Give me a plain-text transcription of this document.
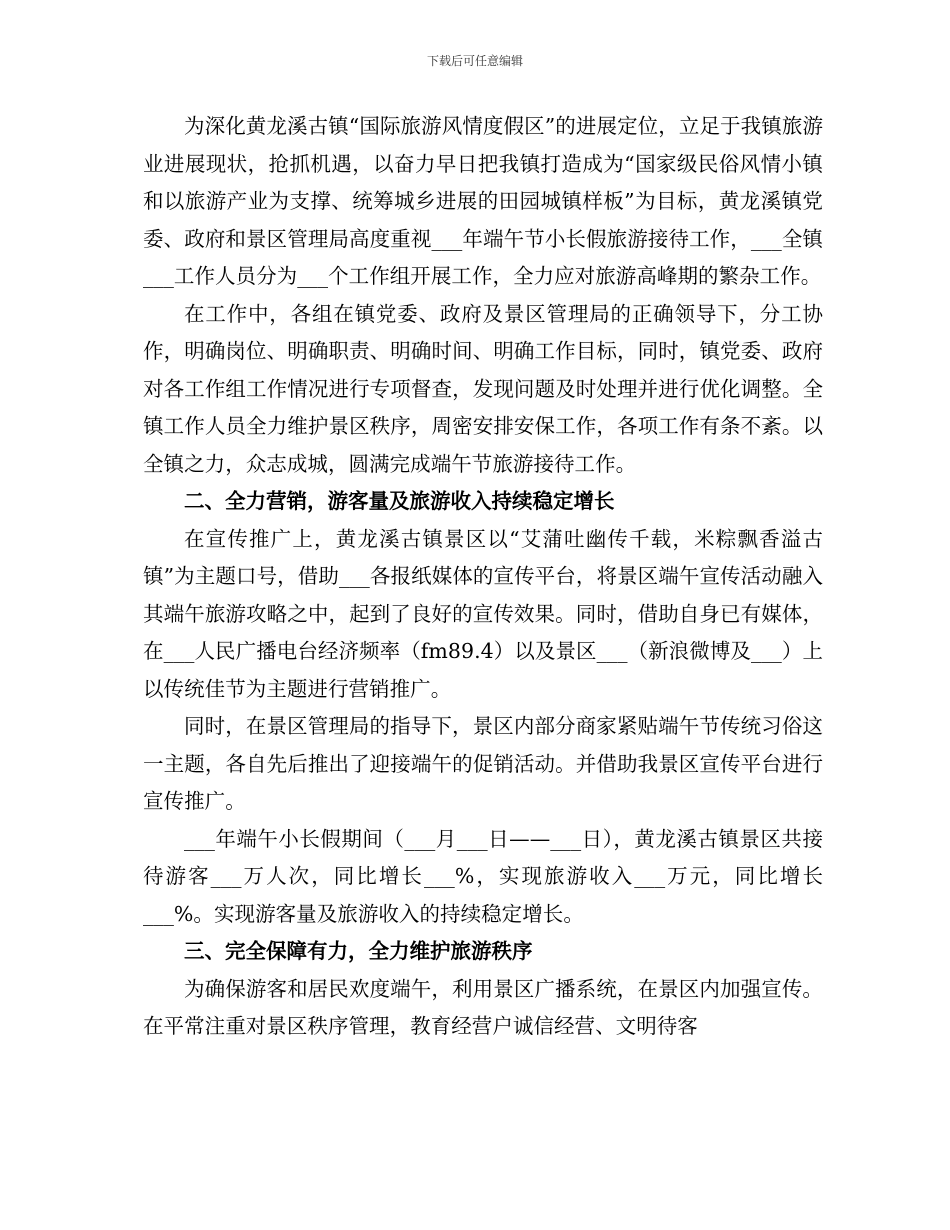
下载后可任意编辑

为深化黄龙溪古镇“国际旅游风情度假区”的进展定位，立足于我镇旅游业进展现状，抢抓机遇，以奋力早日把我镇打造成为“国家级民俗风情小镇和以旅游产业为支撑、统筹城乡进展的田园城镇样板”为目标，黄龙溪镇党委、政府和景区管理局高度重视___年端午节小长假旅游接待工作，___全镇___工作人员分为___个工作组开展工作，全力应对旅游高峰期的繁杂工作。

在工作中，各组在镇党委、政府及景区管理局的正确领导下，分工协作，明确岗位、明确职责、明确时间、明确工作目标，同时，镇党委、政府对各工作组工作情况进行专项督查，发现问题及时处理并进行优化调整。全镇工作人员全力维护景区秩序，周密安排安保工作，各项工作有条不紊。以全镇之力，众志成城，圆满完成端午节旅游接待工作。

二、全力营销，游客量及旅游收入持续稳定增长

在宣传推广上，黄龙溪古镇景区以“艾蒲吐幽传千载，米粽飘香溢古镇”为主题口号，借助___各报纸媒体的宣传平台，将景区端午宣传活动融入其端午旅游攻略之中，起到了良好的宣传效果。同时，借助自身已有媒体，在___人民广播电台经济频率（fm89.4）以及景区___（新浪微博及___）上以传统佳节为主题进行营销推广。

同时，在景区管理局的指导下，景区内部分商家紧贴端午节传统习俗这一主题，各自先后推出了迎接端午的促销活动。并借助我景区宣传平台进行宣传推广。

___年端午小长假期间（___月___日——___日），黄龙溪古镇景区共接待游客___万人次，同比增长___%，实现旅游收入___万元，同比增长___%。实现游客量及旅游收入的持续稳定增长。

三、完全保障有力，全力维护旅游秩序

为确保游客和居民欢度端午，利用景区广播系统，在景区内加强宣传。在平常注重对景区秩序管理，教育经营户诚信经营、文明待客
